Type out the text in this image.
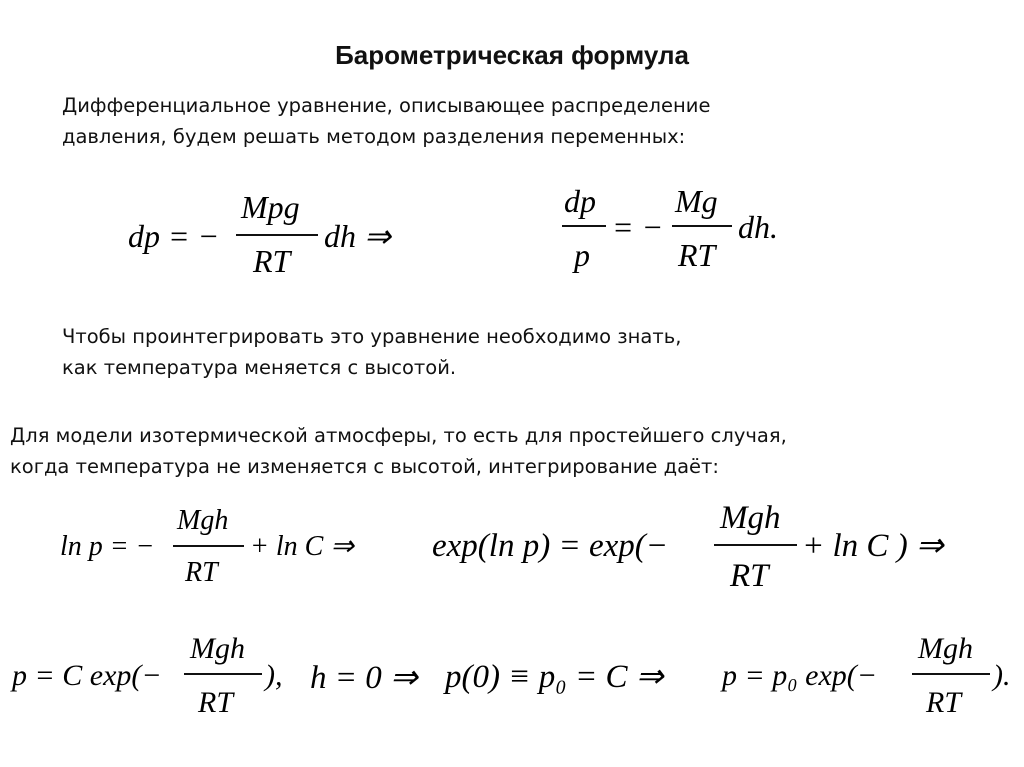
Барометрическая формула
Дифференциальное уравнение, описывающее распределение
давления, будем решать методом разделения переменных:
dp = −
Mpg
RT
dh ⇒
dp
p
= −
Mg
RT
dh.
Чтобы проинтегрировать это уравнение необходимо знать,
как температура меняется с высотой.
Для модели изотермической атмосферы, то есть для простейшего случая,
когда температура не изменяется с высотой, интегрирование даёт:
ln p = −
Mgh
RT
+ ln C ⇒ exp(ln p) = exp(−
Mgh
RT
+ ln C ) ⇒
p = C exp(−
Mgh
RT
), h = 0 ⇒ p(0) ≡ p₀ = C ⇒ p = p₀ exp(−
Mgh
RT
).
